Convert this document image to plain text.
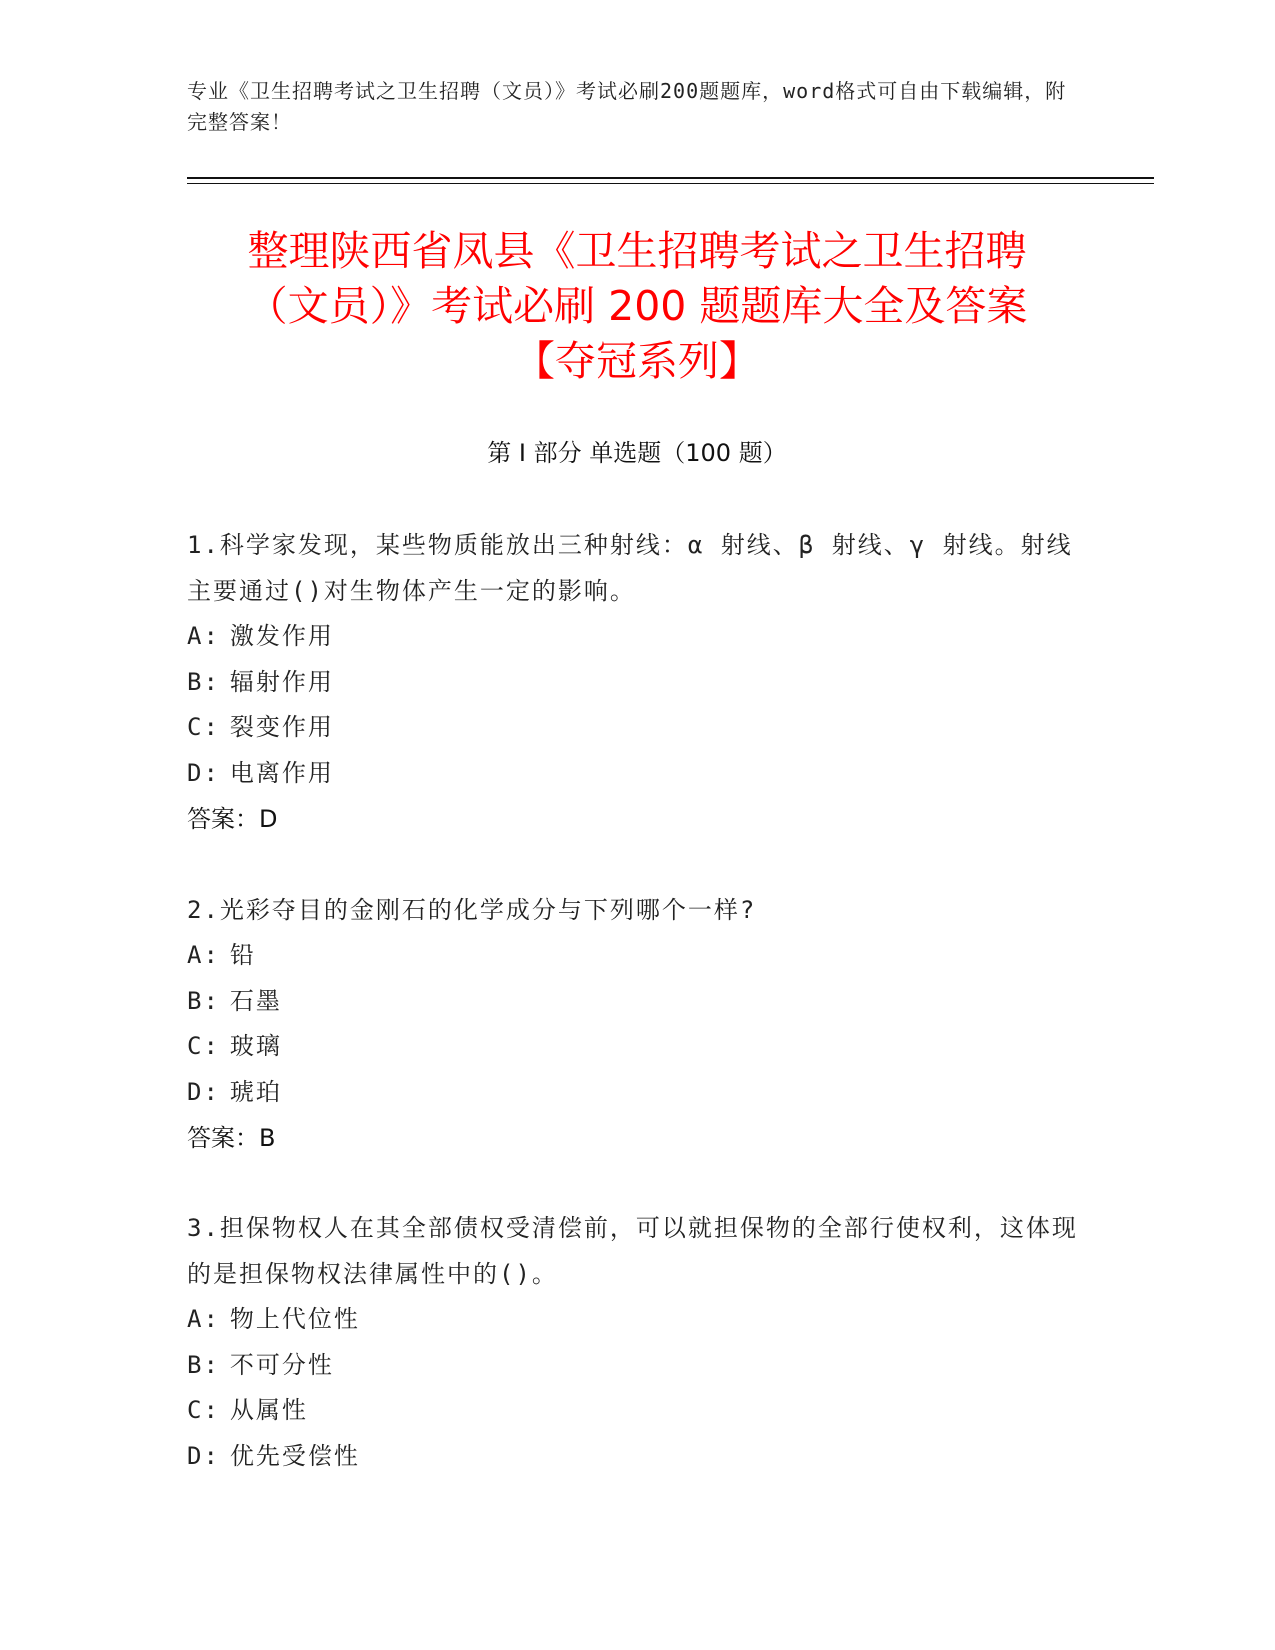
专业《卫生招聘考试之卫生招聘（文员）》考试必刷200题题库，word格式可自由下载编辑，附完整答案！
整理陕西省凤县《卫生招聘考试之卫生招聘
（文员）》考试必刷 200 题题库大全及答案
【夺冠系列】
第 I 部分 单选题（100 题）

1.科学家发现，某些物质能放出三种射线：α 射线、β 射线、γ 射线。射线主要通过()对生物体产生一定的影响。

A: 激发作用

B: 辐射作用

C: 裂变作用

D: 电离作用

答案：D

2.光彩夺目的金刚石的化学成分与下列哪个一样?

A: 铅

B: 石墨

C: 玻璃

D: 琥珀

答案：B

3.担保物权人在其全部债权受清偿前，可以就担保物的全部行使权利，这体现的是担保物权法律属性中的()。

A: 物上代位性

B: 不可分性

C: 从属性

D: 优先受偿性
